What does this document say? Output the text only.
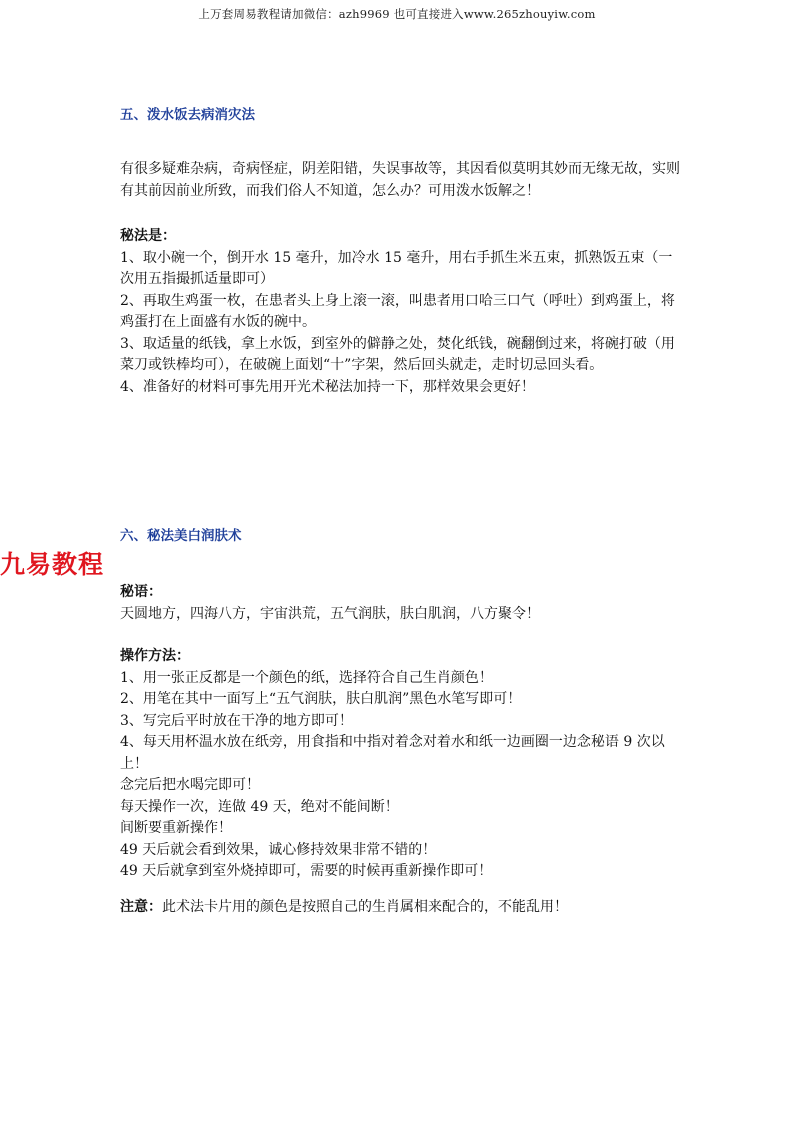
上万套周易教程请加微信：azh9969 也可直接进入www.265zhouyiw.com
五、泼水饭去病消灾法

有很多疑难杂病，奇病怪症，阴差阳错，失误事故等，其因看似莫明其妙而无缘无故，实则有其前因前业所致，而我们俗人不知道，怎么办？可用泼水饭解之！

秘法是：

1、取小碗一个，倒开水 15 毫升，加冷水 15 毫升，用右手抓生米五束，抓熟饭五束（一次用五指撮抓适量即可）

2、再取生鸡蛋一枚，在患者头上身上滚一滚，叫患者用口哈三口气（呼吐）到鸡蛋上，将鸡蛋打在上面盛有水饭的碗中。

3、取适量的纸钱，拿上水饭，到室外的僻静之处，焚化纸钱，碗翻倒过来，将碗打破（用菜刀或铁棒均可），在破碗上面划“十”字架，然后回头就走，走时切忌回头看。

4、准备好的材料可事先用开光术秘法加持一下，那样效果会更好！

六、秘法美白润肤术
九易教程

秘语：

天圆地方，四海八方，宇宙洪荒，五气润肤，肤白肌润，八方聚令！

操作方法：

1、用一张正反都是一个颜色的纸，选择符合自己生肖颜色！

2、用笔在其中一面写上“五气润肤，肤白肌润”黑色水笔写即可！

3、写完后平时放在干净的地方即可！

4、每天用杯温水放在纸旁，用食指和中指对着念对着水和纸一边画圈一边念秘语 9 次以上！

念完后把水喝完即可！

每天操作一次，连做 49 天，绝对不能间断！

间断要重新操作！

49 天后就会看到效果，诚心修持效果非常不错的！

49 天后就拿到室外烧掉即可，需要的时候再重新操作即可！

注意：此术法卡片用的颜色是按照自己的生肖属相来配合的，不能乱用！
